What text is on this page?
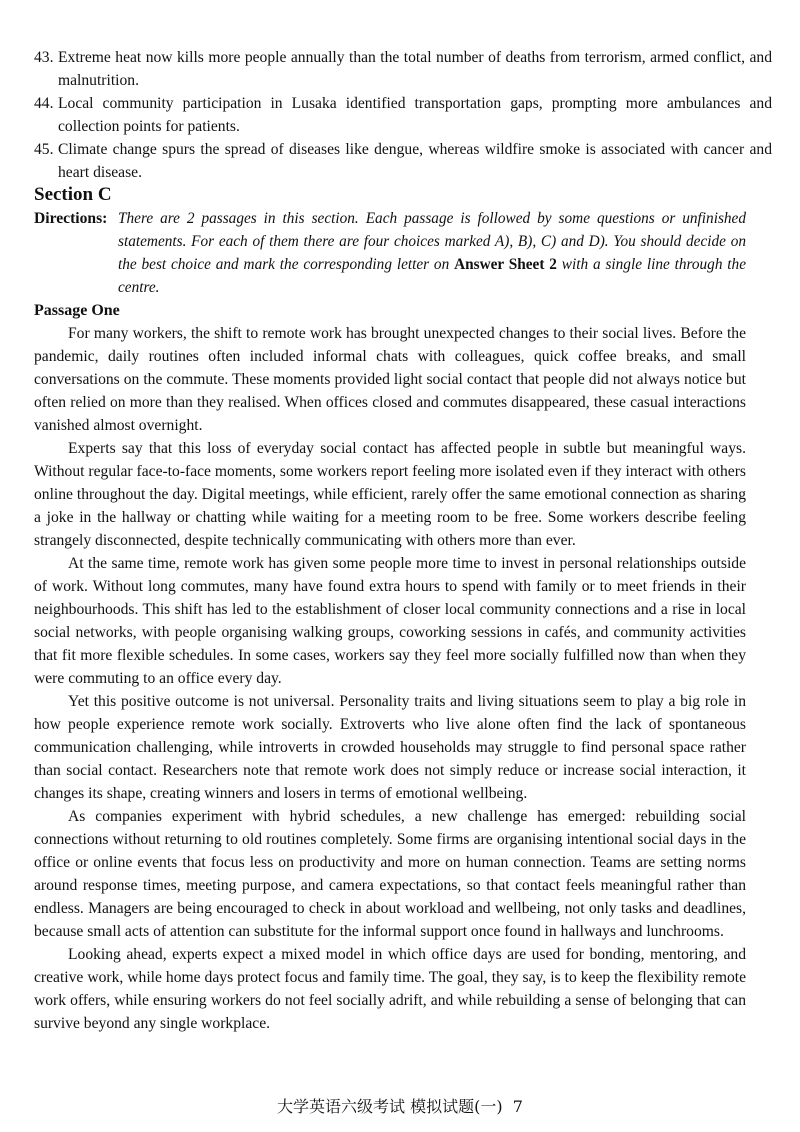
43. Extreme heat now kills more people annually than the total number of deaths from terrorism, armed conflict, and malnutrition.
44. Local community participation in Lusaka identified transportation gaps, prompting more ambulances and collection points for patients.
45. Climate change spurs the spread of diseases like dengue, whereas wildfire smoke is associated with cancer and heart disease.
Section C
Directions: There are 2 passages in this section. Each passage is followed by some questions or unfinished statements. For each of them there are four choices marked A), B), C) and D). You should decide on the best choice and mark the corresponding letter on Answer Sheet 2 with a single line through the centre.
Passage One

For many workers, the shift to remote work has brought unexpected changes to their social lives. Before the pandemic, daily routines often included informal chats with colleagues, quick coffee breaks, and small conversations on the commute. These moments provided light social contact that people did not always notice but often relied on more than they realised. When offices closed and commutes disappeared, these casual interactions vanished almost overnight.

Experts say that this loss of everyday social contact has affected people in subtle but meaningful ways. Without regular face-to-face moments, some workers report feeling more isolated even if they interact with others online throughout the day. Digital meetings, while efficient, rarely offer the same emotional connection as sharing a joke in the hallway or chatting while waiting for a meeting room to be free. Some workers describe feeling strangely disconnected, despite technically communicating with others more than ever.

At the same time, remote work has given some people more time to invest in personal relationships outside of work. Without long commutes, many have found extra hours to spend with family or to meet friends in their neighbourhoods. This shift has led to the establishment of closer local community connections and a rise in local social networks, with people organising walking groups, coworking sessions in cafés, and community activities that fit more flexible schedules. In some cases, workers say they feel more socially fulfilled now than when they were commuting to an office every day.

Yet this positive outcome is not universal. Personality traits and living situations seem to play a big role in how people experience remote work socially. Extroverts who live alone often find the lack of spontaneous communication challenging, while introverts in crowded households may struggle to find personal space rather than social contact. Researchers note that remote work does not simply reduce or increase social interaction, it changes its shape, creating winners and losers in terms of emotional wellbeing.

As companies experiment with hybrid schedules, a new challenge has emerged: rebuilding social connections without returning to old routines completely. Some firms are organising intentional social days in the office or online events that focus less on productivity and more on human connection. Teams are setting norms around response times, meeting purpose, and camera expectations, so that contact feels meaningful rather than endless. Managers are being encouraged to check in about workload and wellbeing, not only tasks and deadlines, because small acts of attention can substitute for the informal support once found in hallways and lunchrooms.

Looking ahead, experts expect a mixed model in which office days are used for bonding, mentoring, and creative work, while home days protect focus and family time. The goal, they say, is to keep the flexibility remote work offers, while ensuring workers do not feel socially adrift, and while rebuilding a sense of belonging that can survive beyond any single workplace.

大学英语六级考试 模拟试题(一) 7
